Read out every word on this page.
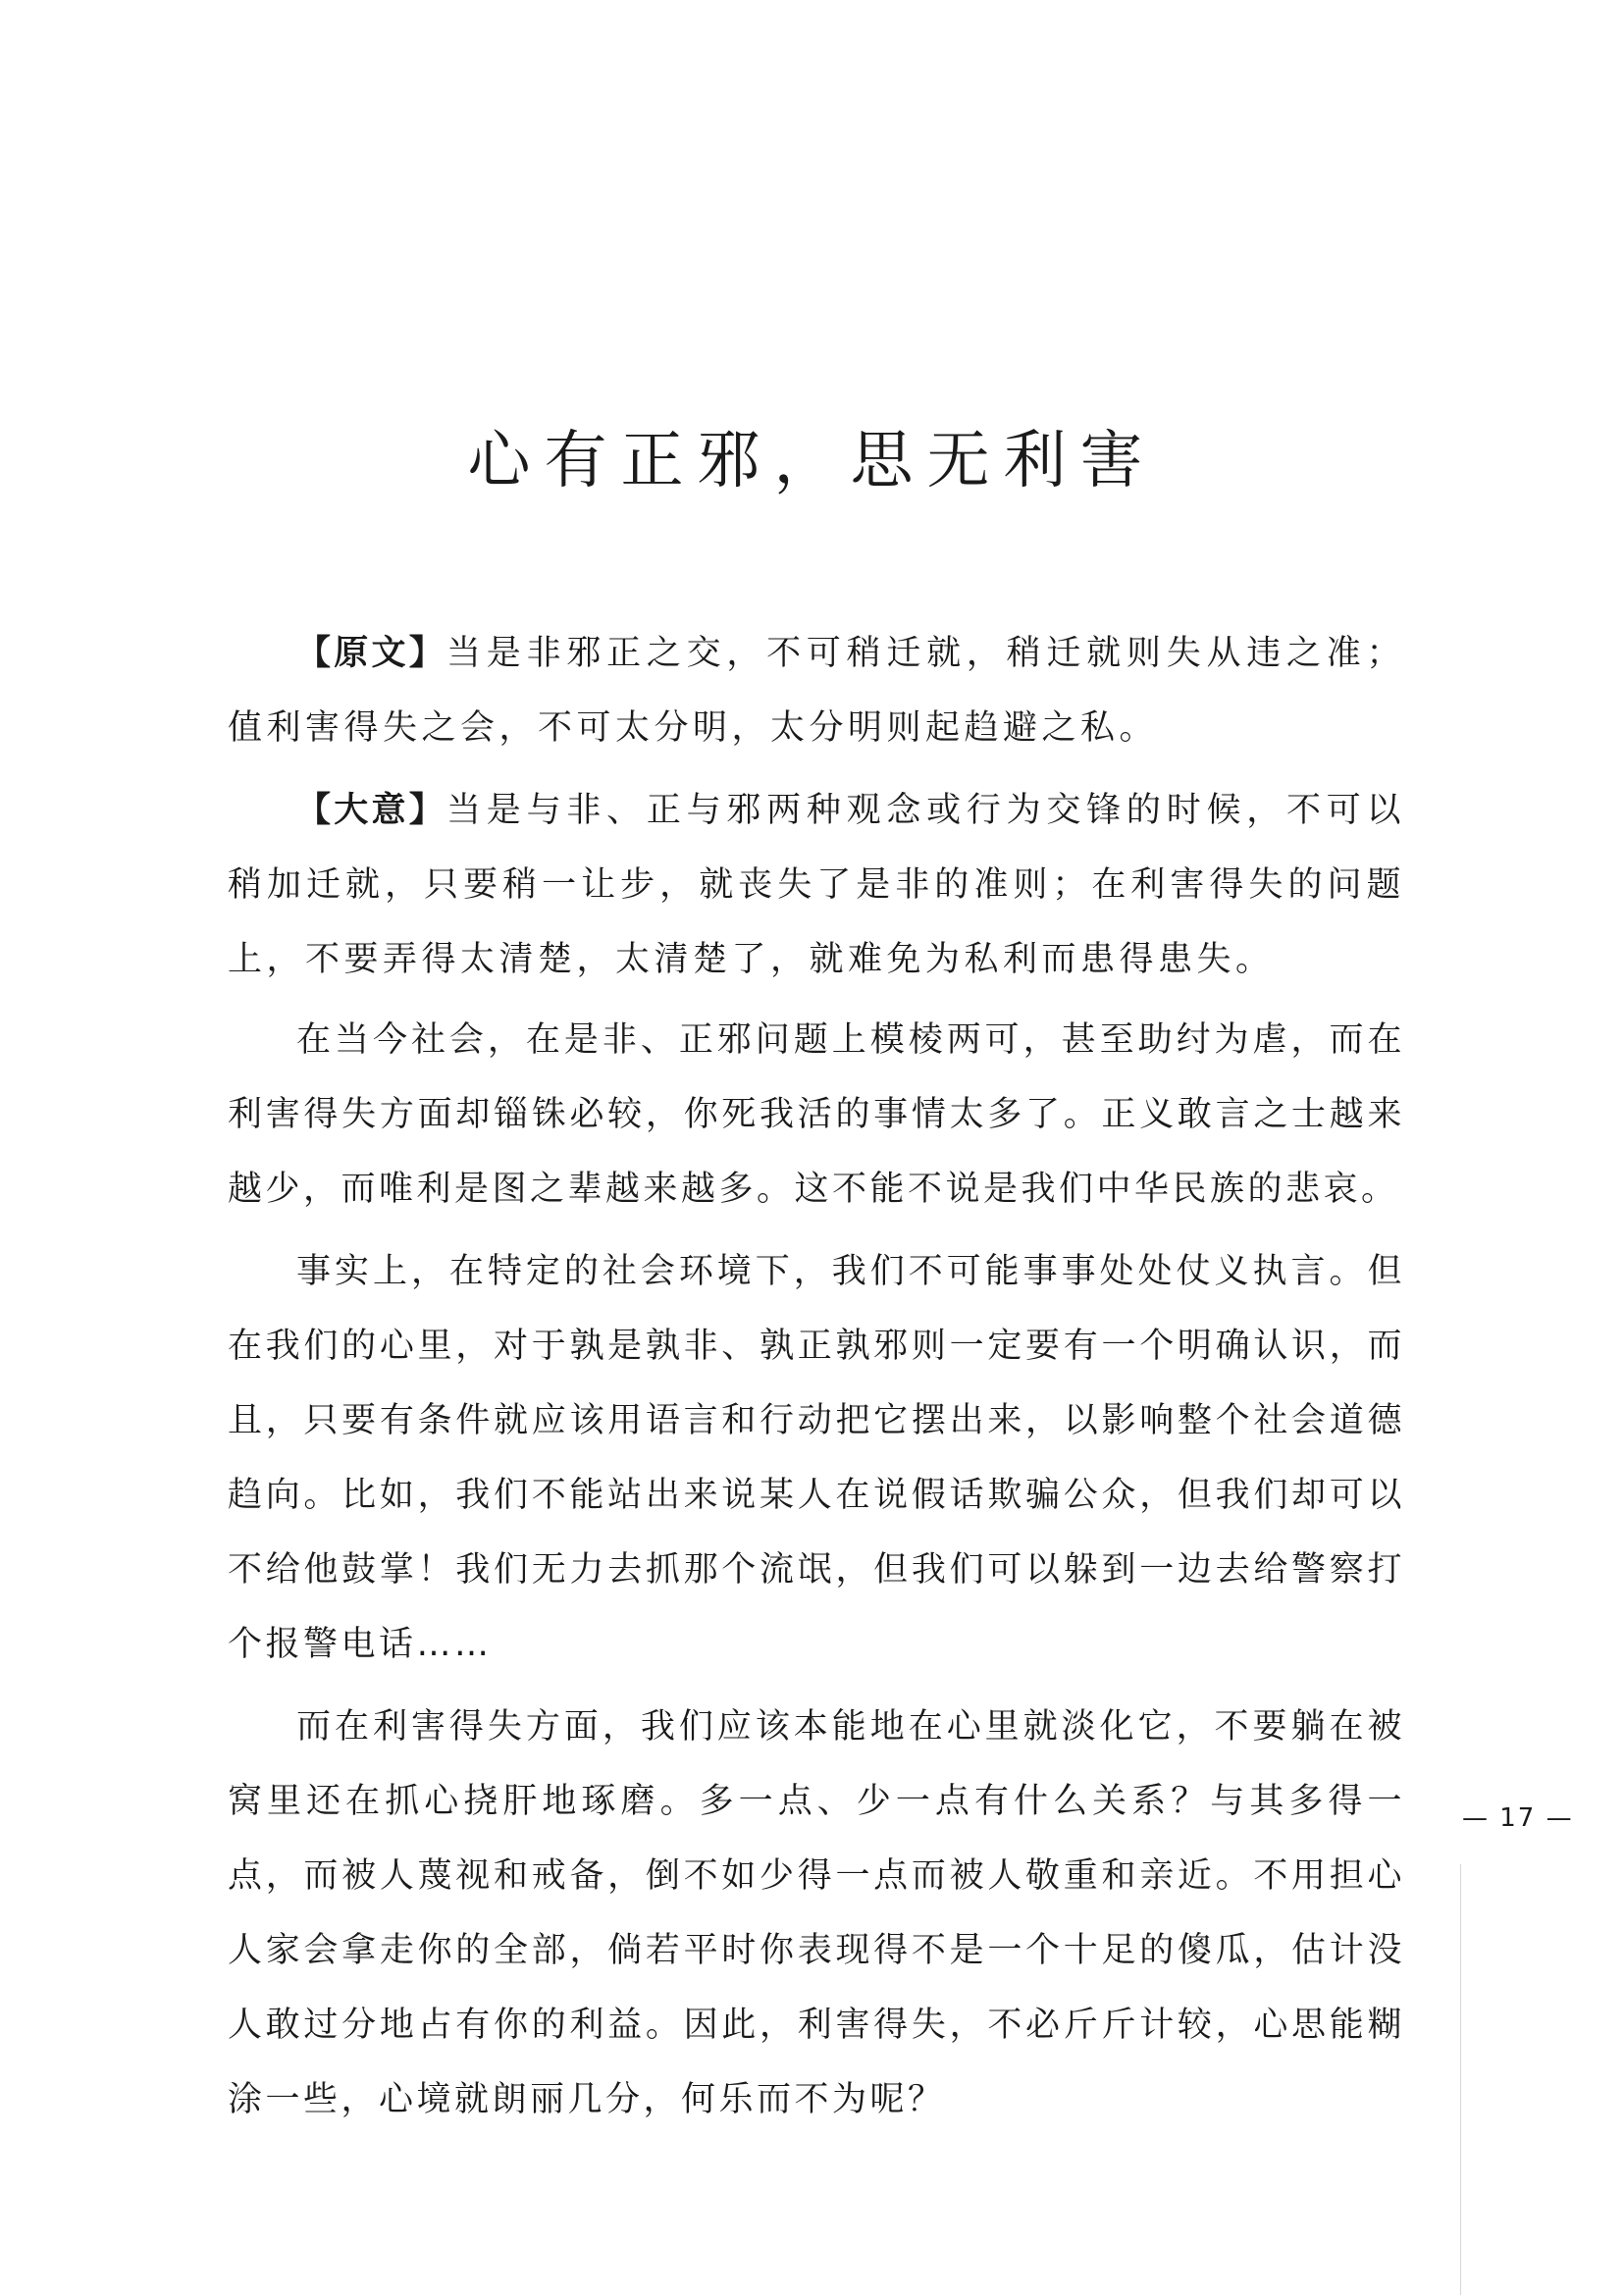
心有正邪，思无利害

【原文】当是非邪正之交，不可稍迁就，稍迁就则失从违之准；值利害得失之会，不可太分明，太分明则起趋避之私。

【大意】当是与非、正与邪两种观念或行为交锋的时候，不可以稍加迁就，只要稍一让步，就丧失了是非的准则；在利害得失的问题上，不要弄得太清楚，太清楚了，就难免为私利而患得患失。

在当今社会，在是非、正邪问题上模棱两可，甚至助纣为虐，而在利害得失方面却锱铢必较，你死我活的事情太多了。正义敢言之士越来越少，而唯利是图之辈越来越多。这不能不说是我们中华民族的悲哀。

事实上，在特定的社会环境下，我们不可能事事处处仗义执言。但在我们的心里，对于孰是孰非、孰正孰邪则一定要有一个明确认识，而且，只要有条件就应该用语言和行动把它摆出来，以影响整个社会道德趋向。比如，我们不能站出来说某人在说假话欺骗公众，但我们却可以不给他鼓掌！我们无力去抓那个流氓，但我们可以躲到一边去给警察打个报警电话……

而在利害得失方面，我们应该本能地在心里就淡化它，不要躺在被窝里还在抓心挠肝地琢磨。多一点、少一点有什么关系？与其多得一点，而被人蔑视和戒备，倒不如少得一点而被人敬重和亲近。不用担心人家会拿走你的全部，倘若平时你表现得不是一个十足的傻瓜，估计没人敢过分地占有你的利益。因此，利害得失，不必斤斤计较，心思能糊涂一些，心境就朗丽几分，何乐而不为呢？

— 17 —
